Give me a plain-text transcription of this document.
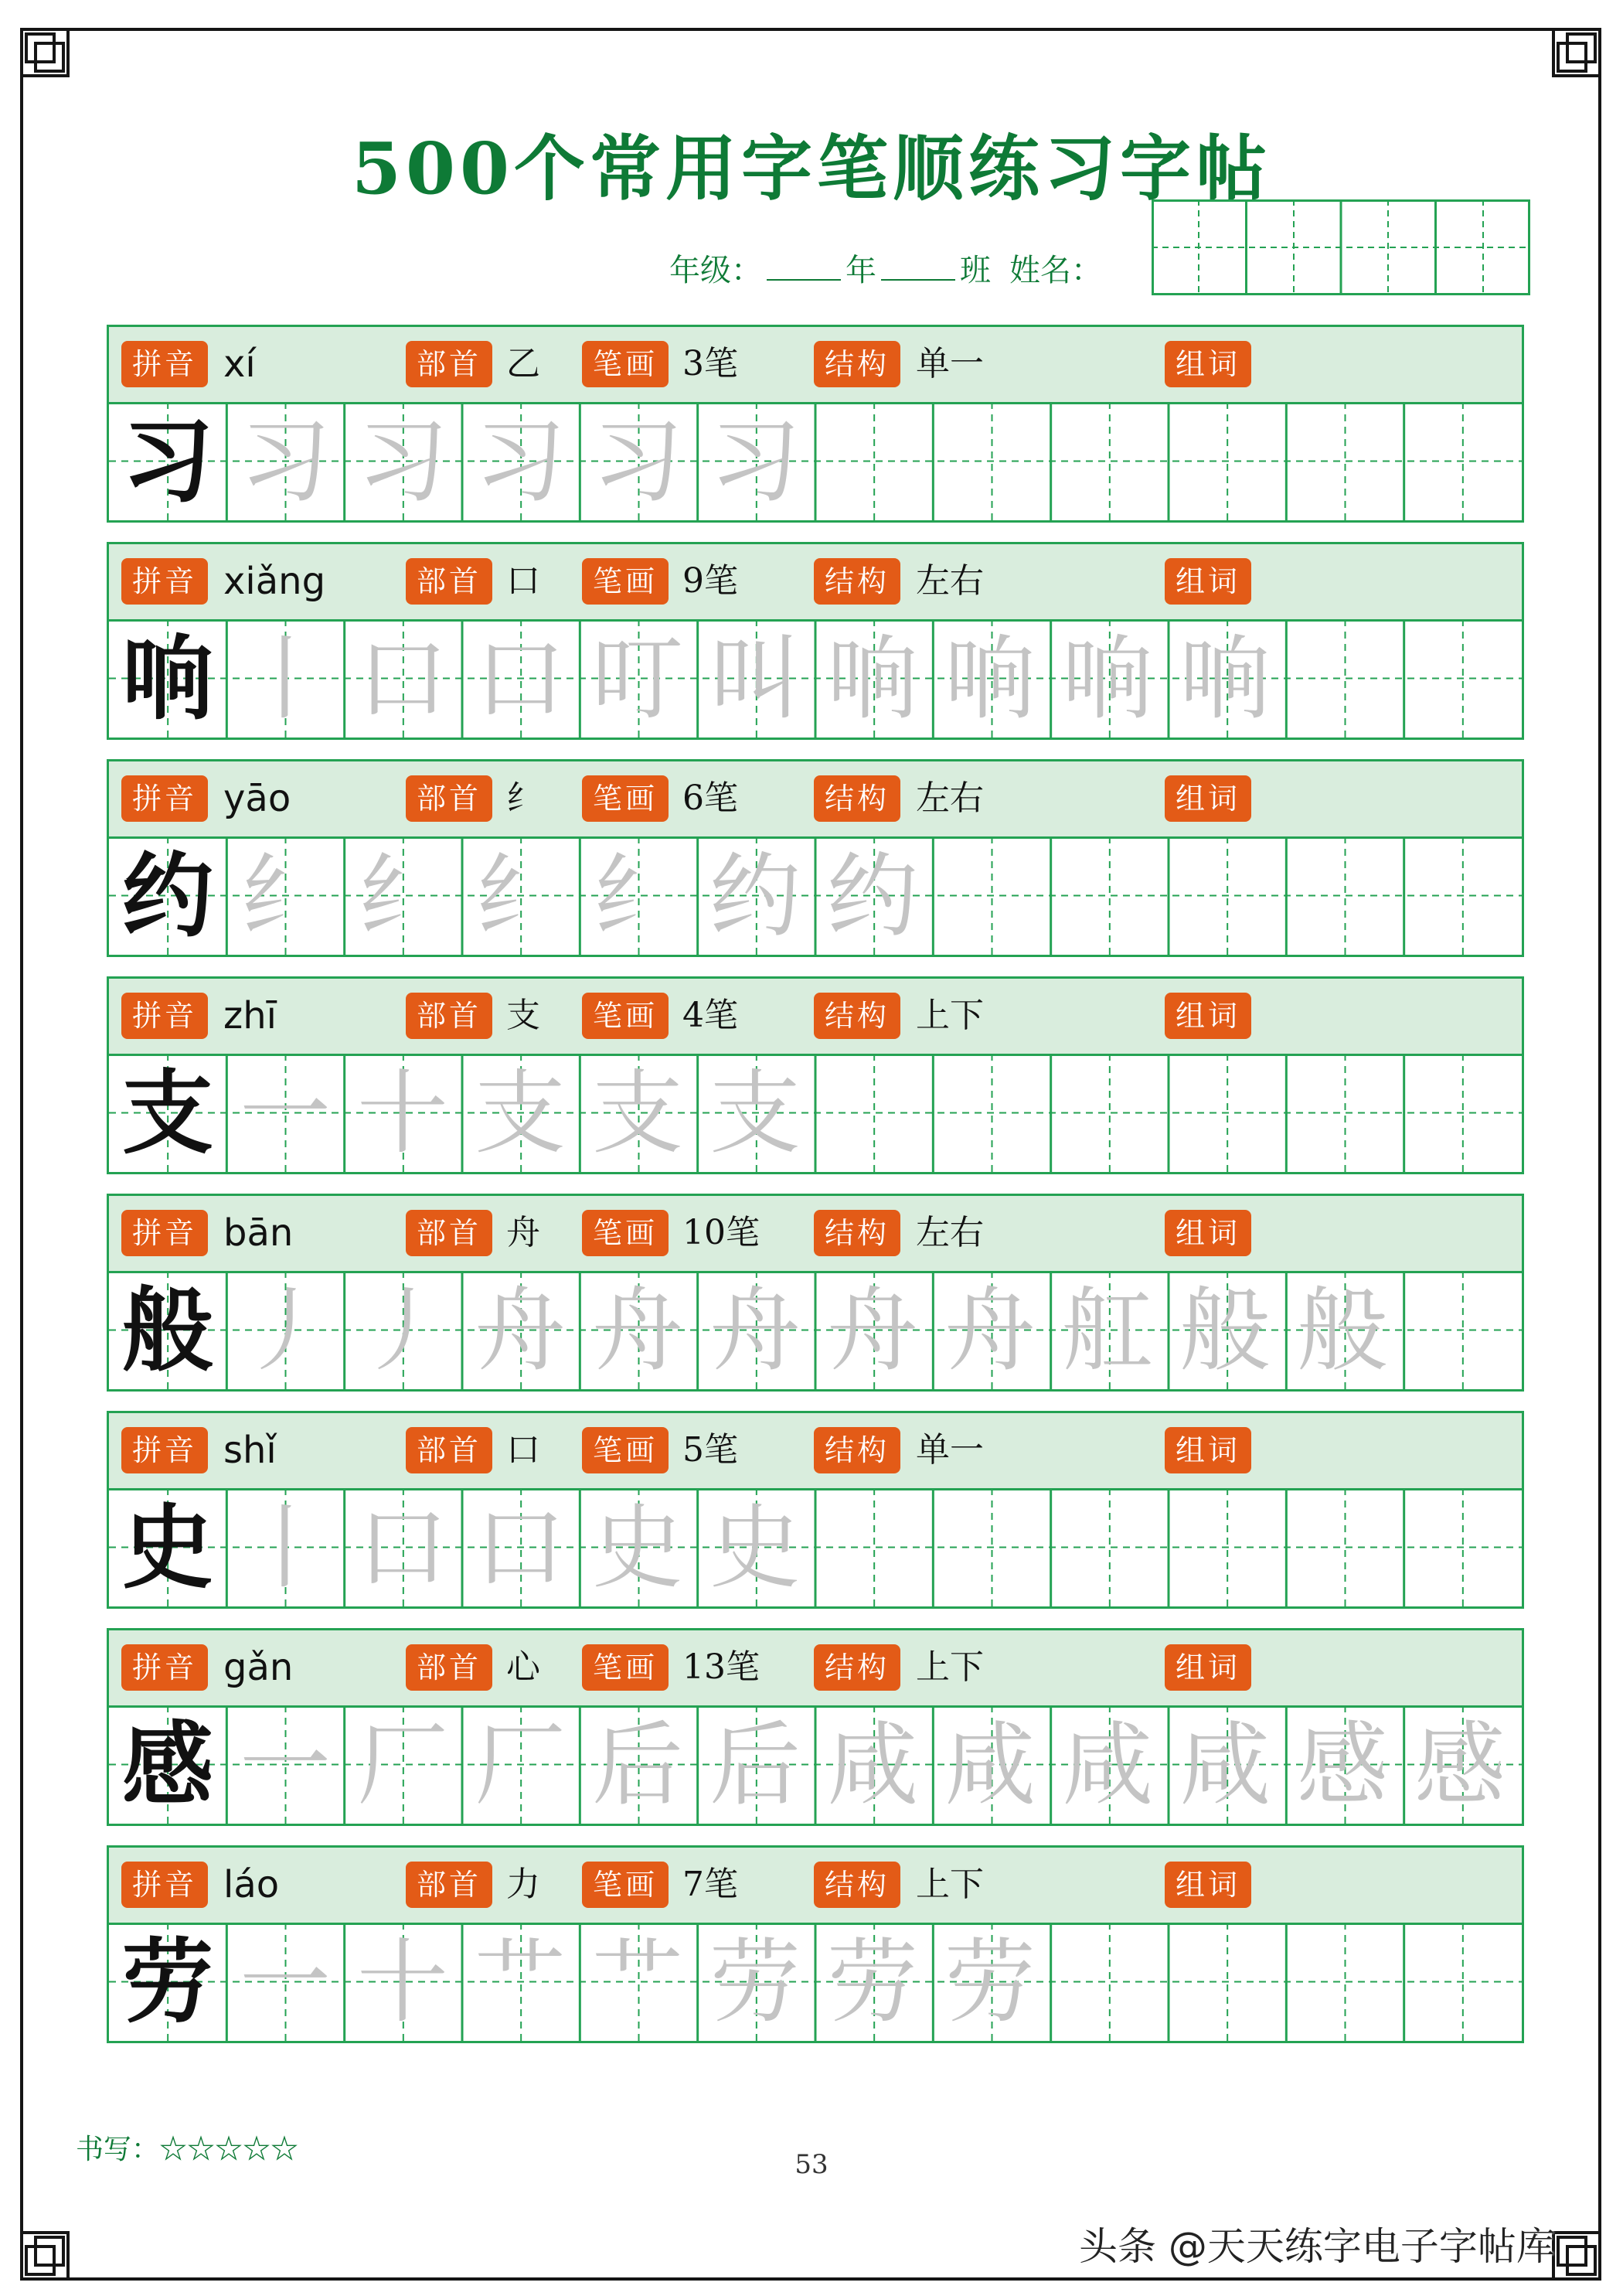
500个常用字笔顺练习字帖
年级：	年	班 姓名：
拼音 xí	部首 乙	笔画 3笔	结构 单一	组词
习 习 习 习 习 习
拼音 xiǎng	部首 口	笔画 9笔	结构 左右	组词
响 丨 口 口 叮 叫 响 响 响 响
拼音 yāo	部首 纟	笔画 6笔	结构 左右	组词
约 纟 纟 纟 纟 约 约
拼音 zhī	部首 支	笔画 4笔	结构 上下	组词
支 一 十 支 支 支
拼音 bān	部首 舟	笔画 10笔	结构 左右	组词
般 丿 丿 舟 舟 舟 舟 舟 舡 般 般
拼音 shǐ	部首 口	笔画 5笔	结构 单一	组词
史 丨 口 口 史 史
拼音 gǎn	部首 心	笔画 13笔	结构 上下	组词
感 一 厂 厂 后 后 咸 咸 咸 咸 感 感
拼音 láo	部首 力	笔画 7笔	结构 上下	组词
劳 一 十 艹 艹 劳 劳 劳
书写：☆☆☆☆☆	53
头条 @天天练字电子字帖库
